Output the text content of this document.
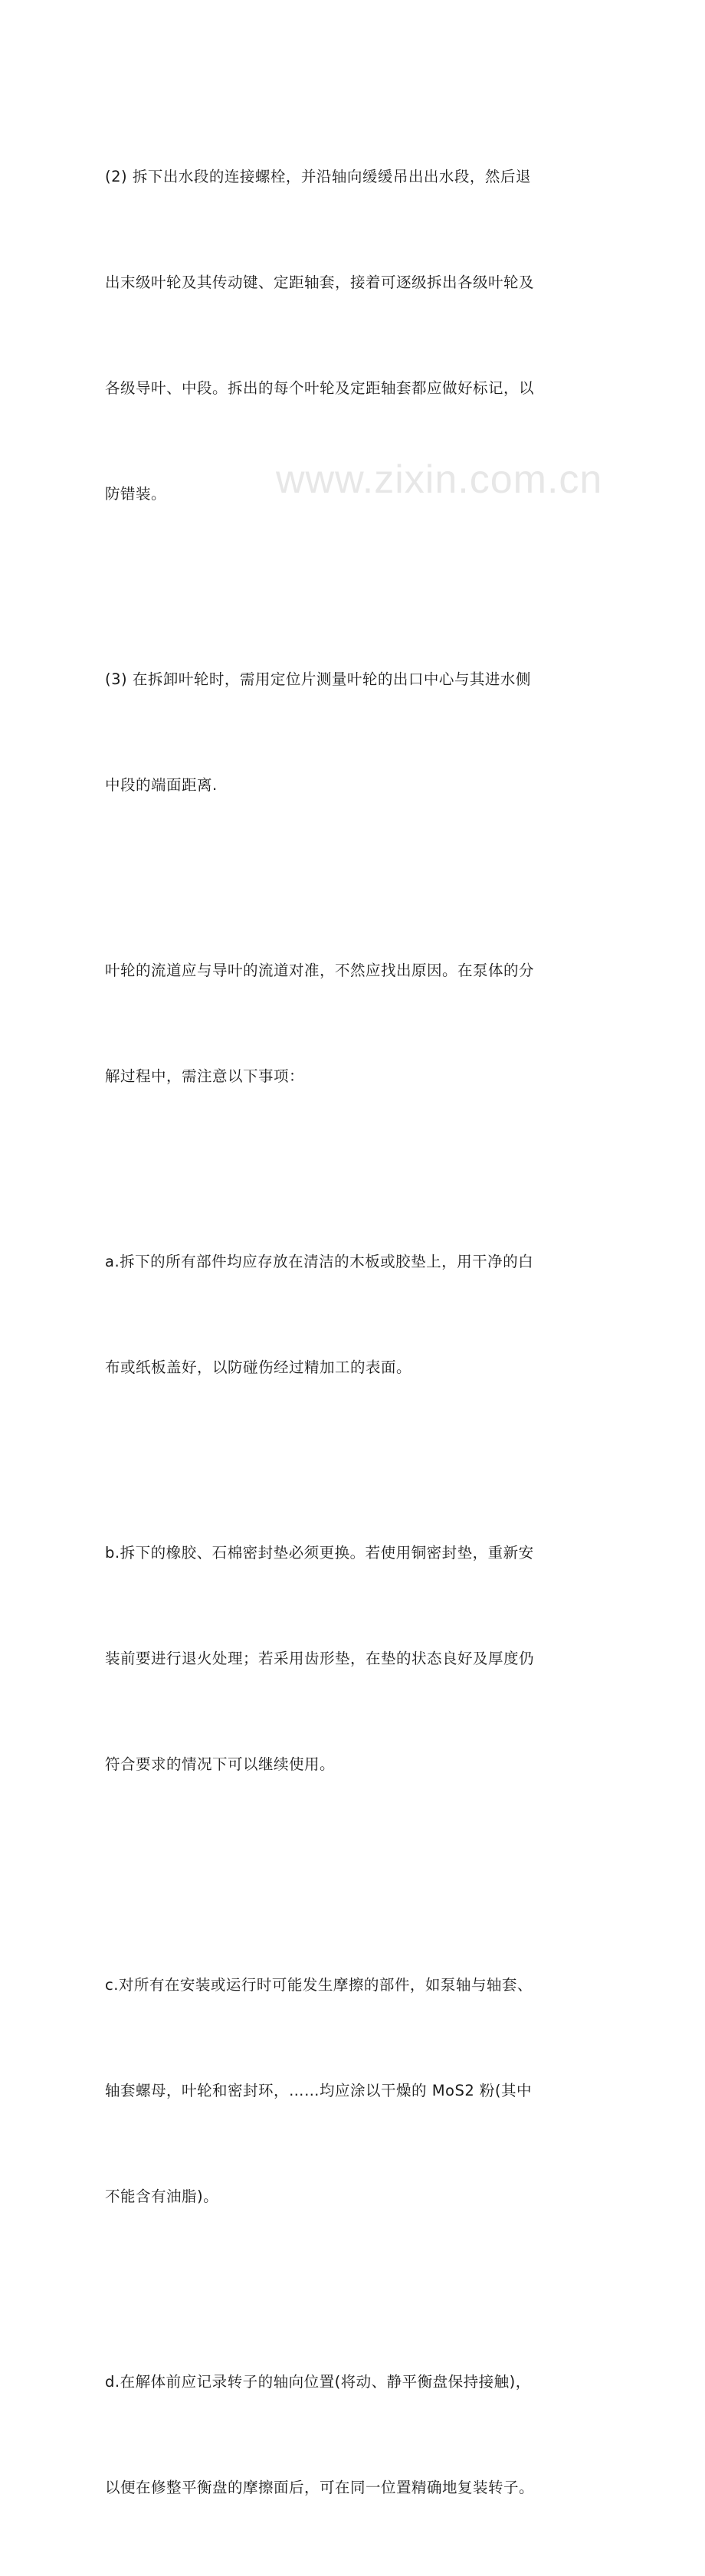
(2) 拆下出水段的连接螺栓，并沿轴向缓缓吊出出水段，然后退

出末级叶轮及其传动键、定距轴套，接着可逐级拆出各级叶轮及

各级导叶、中段。拆出的每个叶轮及定距轴套都应做好标记，以

防错装。

(3) 在拆卸叶轮时，需用定位片测量叶轮的出口中心与其进水侧

中段的端面距离.

叶轮的流道应与导叶的流道对准，不然应找出原因。在泵体的分

解过程中，需注意以下事项：

a.拆下的所有部件均应存放在清洁的木板或胶垫上，用干净的白

布或纸板盖好，以防碰伤经过精加工的表面。

b.拆下的橡胶、石棉密封垫必须更换。若使用铜密封垫，重新安

装前要进行退火处理；若采用齿形垫，在垫的状态良好及厚度仍

符合要求的情况下可以继续使用。

c.对所有在安装或运行时可能发生摩擦的部件，如泵轴与轴套、

轴套螺母，叶轮和密封环，……均应涂以干燥的 MoS2 粉(其中

不能含有油脂)。

d.在解体前应记录转子的轴向位置(将动、静平衡盘保持接触)，

以便在修整平衡盘的摩擦面后，可在同一位置精确地复装转子。

www.zixin.com.cn
